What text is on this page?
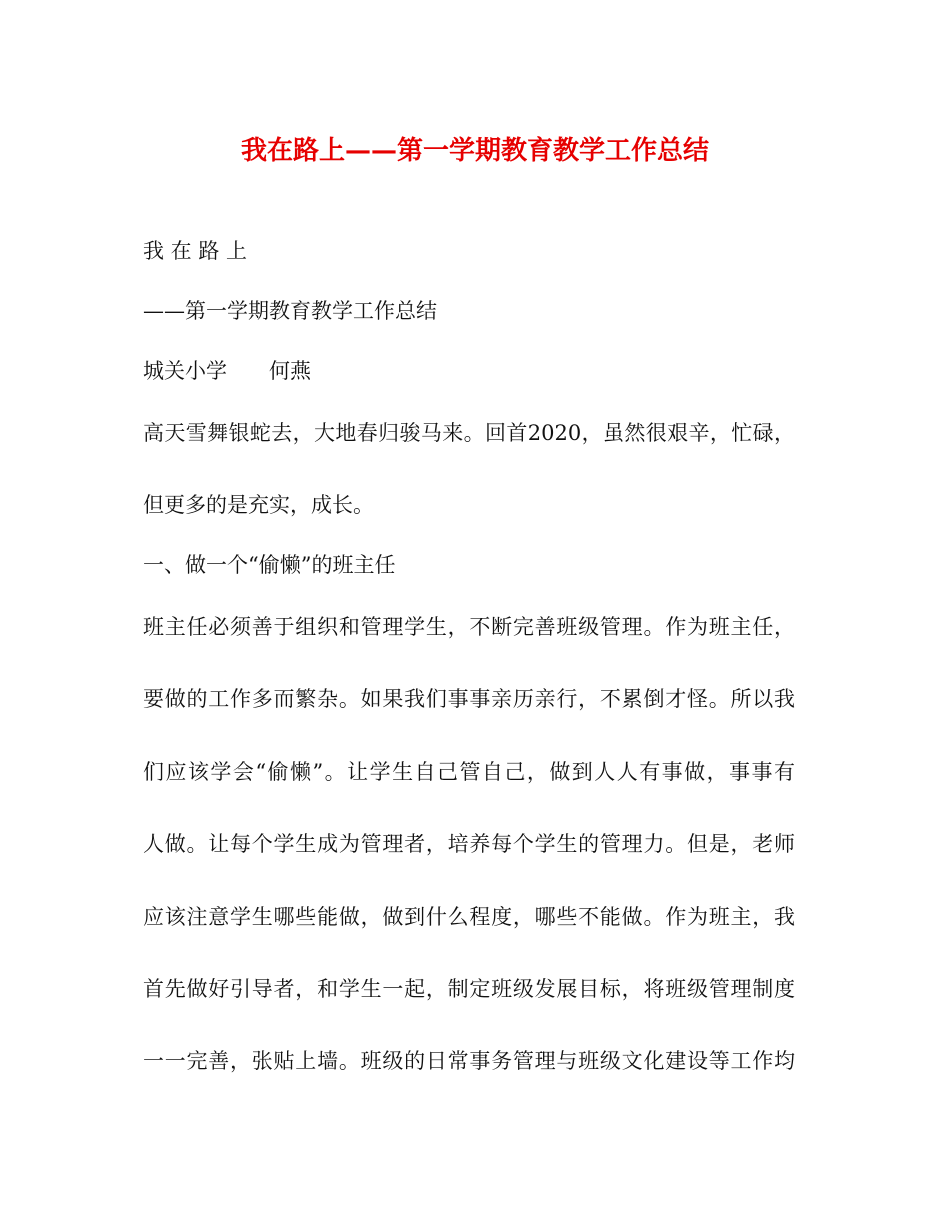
我在路上——第一学期教育教学工作总结
我 在 路 上
——第一学期教育教学工作总结
城关小学　　何燕
高天雪舞银蛇去，大地春归骏马来。回首2020，虽然很艰辛，忙碌，
但更多的是充实，成长。
一、做一个“偷懒”的班主任
班主任必须善于组织和管理学生，不断完善班级管理。作为班主任，
要做的工作多而繁杂。如果我们事事亲历亲行，不累倒才怪。所以我
们应该学会“偷懒”。让学生自己管自己，做到人人有事做，事事有
人做。让每个学生成为管理者，培养每个学生的管理力。但是，老师
应该注意学生哪些能做，做到什么程度，哪些不能做。作为班主，我
首先做好引导者，和学生一起，制定班级发展目标，将班级管理制度
一一完善，张贴上墙。班级的日常事务管理与班级文化建设等工作均
